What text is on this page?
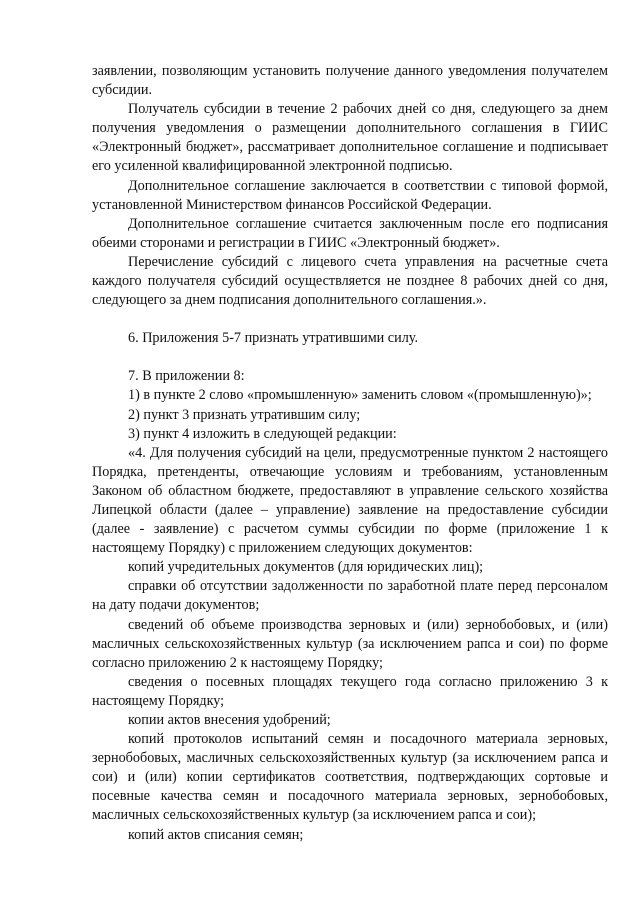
заявлении, позволяющим установить получение данного уведомления получателем субсидии.

Получатель субсидии в течение 2 рабочих дней со дня, следующего за днем получения уведомления о размещении дополнительного соглашения в ГИИС «Электронный бюджет», рассматривает дополнительное соглашение и подписывает его усиленной квалифицированной электронной подписью.

Дополнительное соглашение заключается в соответствии с типовой формой, установленной Министерством финансов Российской Федерации.

Дополнительное соглашение считается заключенным после его подписания обеими сторонами и регистрации в ГИИС «Электронный бюджет».

Перечисление субсидий с лицевого счета управления на расчетные счета каждого получателя субсидий осуществляется не позднее 8 рабочих дней со дня, следующего за днем подписания дополнительного соглашения.».

6. Приложения 5-7 признать утратившими силу.

7. В приложении 8:

1) в пункте 2 слово «промышленную» заменить словом «(промышленную)»;

2) пункт 3 признать утратившим силу;

3) пункт 4 изложить в следующей редакции:

«4. Для получения субсидий на цели, предусмотренные пунктом 2 настоящего Порядка, претенденты, отвечающие условиям и требованиям, установленным Законом об областном бюджете, предоставляют в управление сельского хозяйства Липецкой области (далее – управление) заявление на предоставление субсидии (далее - заявление) с расчетом суммы субсидии по форме (приложение 1 к настоящему Порядку) с приложением следующих документов:

копий учредительных документов (для юридических лиц);

справки об отсутствии задолженности по заработной плате перед персоналом на дату подачи документов;

сведений об объеме производства зерновых и (или) зернобобовых, и (или) масличных сельскохозяйственных культур (за исключением рапса и сои) по форме согласно приложению 2 к настоящему Порядку;

сведения о посевных площадях текущего года согласно приложению 3 к настоящему Порядку;

копии актов внесения удобрений;

копий протоколов испытаний семян и посадочного материала зерновых, зернобобовых, масличных сельскохозяйственных культур (за исключением рапса и сои) и (или) копии сертификатов соответствия, подтверждающих сортовые и посевные качества семян и посадочного материала зерновых, зернобобовых, масличных сельскохозяйственных культур (за исключением рапса и сои);

копий актов списания семян;
